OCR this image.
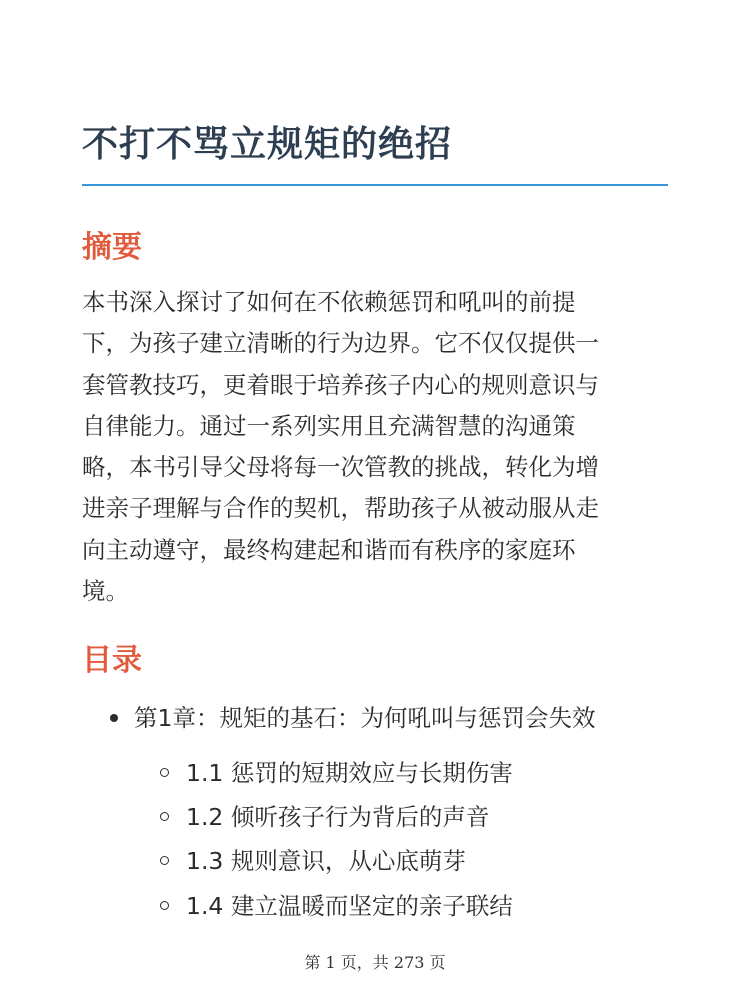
不打不骂立规矩的绝招
摘要

本书深入探讨了如何在不依赖惩罚和吼叫的前提
下，为孩子建立清晰的行为边界。它不仅仅提供一
套管教技巧，更着眼于培养孩子内心的规则意识与
自律能力。通过一系列实用且充满智慧的沟通策
略，本书引导父母将每一次管教的挑战，转化为增
进亲子理解与合作的契机，帮助孩子从被动服从走
向主动遵守，最终构建起和谐而有秩序的家庭环
境。

目录
第1章：规矩的基石：为何吼叫与惩罚会失效
1.1 惩罚的短期效应与长期伤害
1.2 倾听孩子行为背后的声音
1.3 规则意识，从心底萌芽
1.4 建立温暖而坚定的亲子联结
第 1 页，共 273 页
